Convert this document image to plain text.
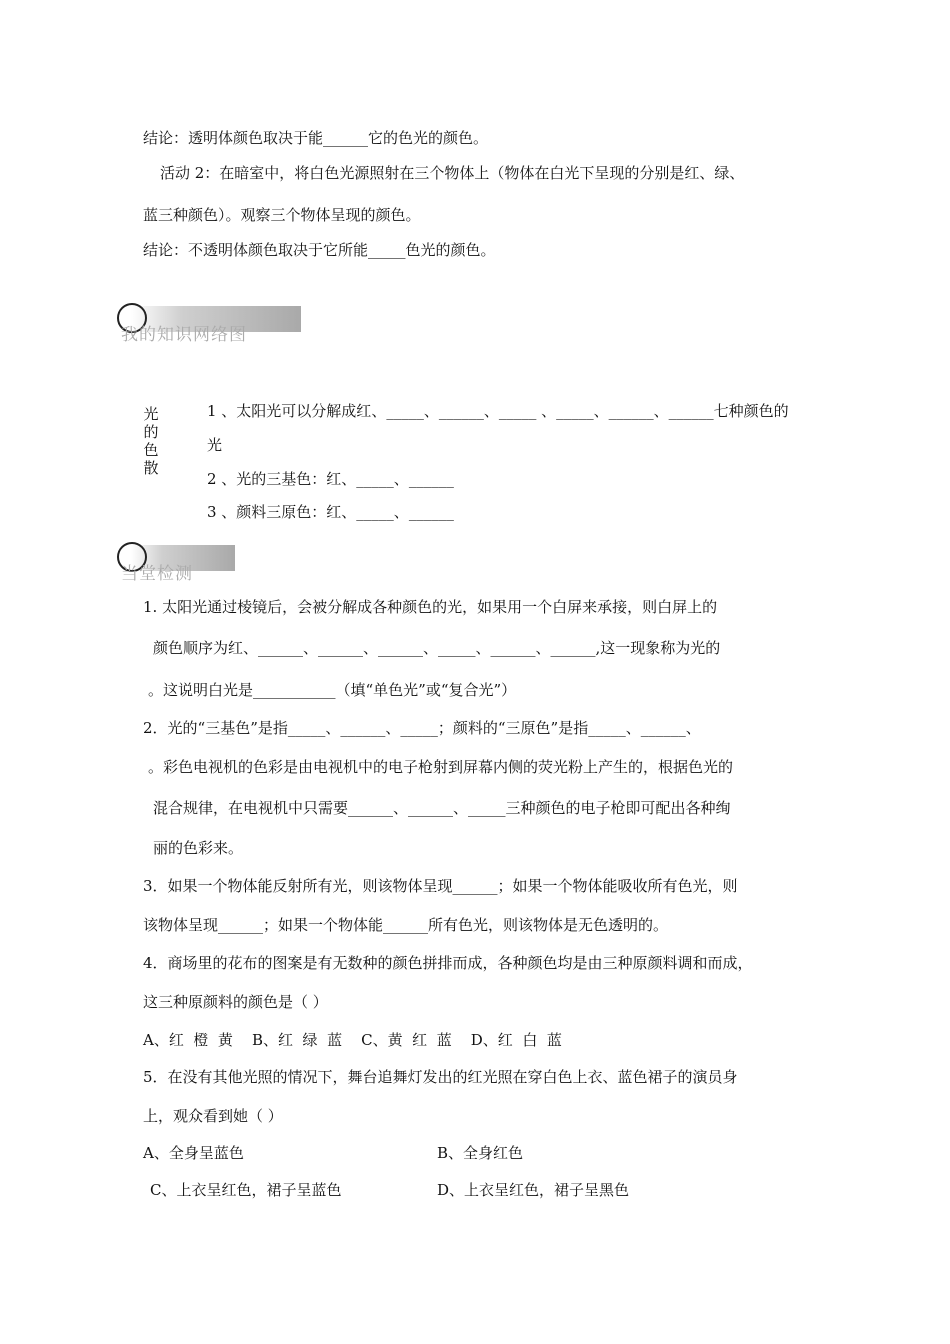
结论：透明体颜色取决于能______它的色光的颜色。
活动 2：在暗室中，将白色光源照射在三个物体上（物体在白光下呈现的分别是红、绿、
蓝三种颜色）。观察三个物体呈现的颜色。
结论：不透明体颜色取决于它所能_____色光的颜色。
我的知识网络图
光
的
色
散
1 、太阳光可以分解成红、_____、______、_____ 、_____、______、______七种颜色的
光
2 、光的三基色：红、_____、______
3 、颜料三原色：红、_____、______
当堂检测
1. 太阳光通过棱镜后，会被分解成各种颜色的光，如果用一个白屏来承接，则白屏上的
颜色顺序为红、______、______、______、_____、______、______,这一现象称为光的
。这说明白光是___________（填“单色光”或“复合光”）
2．光的“三基色”是指_____、______、_____；颜料的“三原色”是指_____、______、
。彩色电视机的色彩是由电视机中的电子枪射到屏幕内侧的荧光粉上产生的，根据色光的
混合规律，在电视机中只需要______、______、_____三种颜色的电子枪即可配出各种绚
丽的色彩来。
3．如果一个物体能反射所有光，则该物体呈现______；如果一个物体能吸收所有色光，则
该物体呈现______；如果一个物体能______所有色光，则该物体是无色透明的。
4．商场里的花布的图案是有无数种的颜色拼排而成，各种颜色均是由三种原颜料调和而成，
这三种原颜料的颜色是（ ）
A、红  橙  黄    B、红  绿  蓝    C、黄  红  蓝    D、红  白  蓝
5．在没有其他光照的情况下，舞台追舞灯发出的红光照在穿白色上衣、蓝色裙子的演员身
上，观众看到她（ ）
A、全身呈蓝色	B、全身红色
C、上衣呈红色，裙子呈蓝色	D、上衣呈红色，裙子呈黑色
